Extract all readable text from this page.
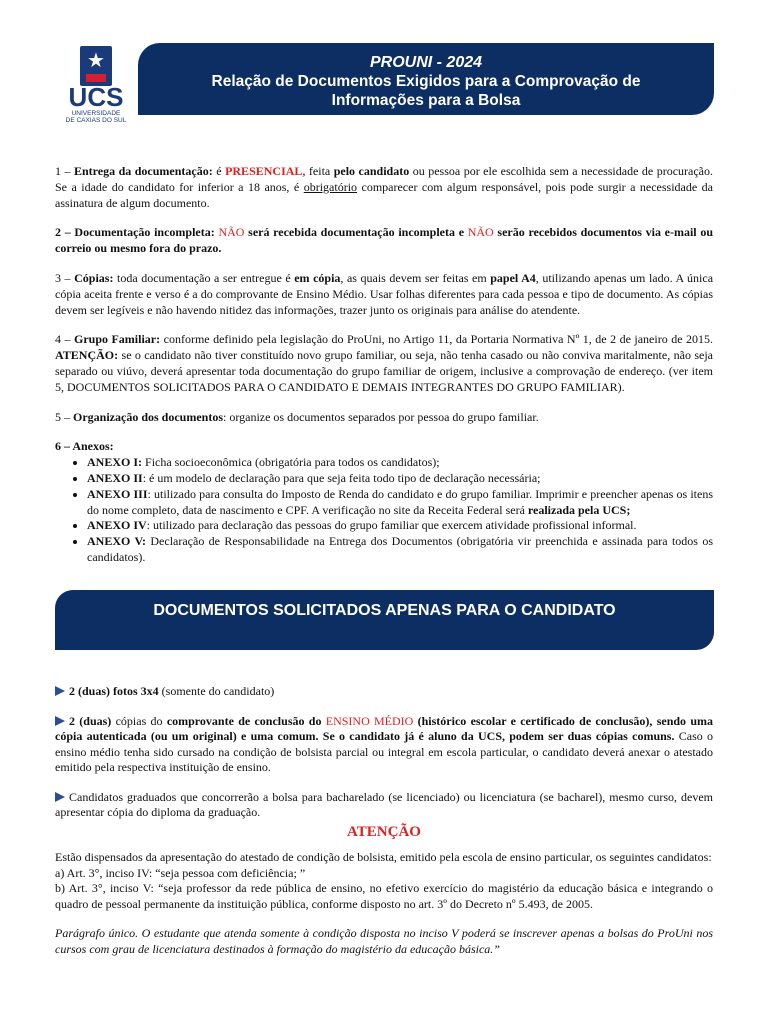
★
UCS
UNIVERSIDADE
DE CAXIAS DO SUL
PROUNI - 2024
Relação de Documentos Exigidos para a Comprovação de
Informações para a Bolsa

1 – Entrega da documentação: é PRESENCIAL, feita pelo candidato ou pessoa por ele escolhida sem a necessidade de procuração. Se a idade do candidato for inferior a 18 anos, é obrigatório comparecer com algum responsável, pois pode surgir a necessidade da assinatura de algum documento.

2 – Documentação incompleta: NÃO será recebida documentação incompleta e NÃO serão recebidos documentos via e-mail ou correio ou mesmo fora do prazo.

3 – Cópias: toda documentação a ser entregue é em cópia, as quais devem ser feitas em papel A4, utilizando apenas um lado. A única cópia aceita frente e verso é a do comprovante de Ensino Médio. Usar folhas diferentes para cada pessoa e tipo de documento. As cópias devem ser legíveis e não havendo nitidez das informações, trazer junto os originais para análise do atendente.

4 – Grupo Familiar: conforme definido pela legislação do ProUni, no Artigo 11, da Portaria Normativa Nº 1, de 2 de janeiro de 2015. ATENÇÃO: se o candidato não tiver constituído novo grupo familiar, ou seja, não tenha casado ou não conviva maritalmente, não seja separado ou viúvo, deverá apresentar toda documentação do grupo familiar de origem, inclusive a comprovação de endereço. (ver item 5, DOCUMENTOS SOLICITADOS PARA O CANDIDATO E DEMAIS INTEGRANTES DO GRUPO FAMILIAR).

5 – Organização dos documentos: organize os documentos separados por pessoa do grupo familiar.

6 – Anexos:
• ANEXO I: Ficha socioeconômica (obrigatória para todos os candidatos);
• ANEXO II: é um modelo de declaração para que seja feita todo tipo de declaração necessária;
• ANEXO III: utilizado para consulta do Imposto de Renda do candidato e do grupo familiar. Imprimir e preencher apenas os itens do nome completo, data de nascimento e CPF. A verificação no site da Receita Federal será realizada pela UCS;
• ANEXO IV: utilizado para declaração das pessoas do grupo familiar que exercem atividade profissional informal.
• ANEXO V: Declaração de Responsabilidade na Entrega dos Documentos (obrigatória vir preenchida e assinada para todos os candidatos).
DOCUMENTOS SOLICITADOS APENAS PARA O CANDIDATO

2 (duas) fotos 3x4 (somente do candidato)

2 (duas) cópias do comprovante de conclusão do ENSINO MÉDIO (histórico escolar e certificado de conclusão), sendo uma cópia autenticada (ou um original) e uma comum. Se o candidato já é aluno da UCS, podem ser duas cópias comuns. Caso o ensino médio tenha sido cursado na condição de bolsista parcial ou integral em escola particular, o candidato deverá anexar o atestado emitido pela respectiva instituição de ensino.

Candidatos graduados que concorrerão a bolsa para bacharelado (se licenciado) ou licenciatura (se bacharel), mesmo curso, devem apresentar cópia do diploma da graduação.

ATENÇÃO
Estão dispensados da apresentação do atestado de condição de bolsista, emitido pela escola de ensino particular, os seguintes candidatos:
a) Art. 3°, inciso IV: “seja pessoa com deficiência; ”
b) Art. 3°, inciso V: “seja professor da rede pública de ensino, no efetivo exercício do magistério da educação básica e integrando o quadro de pessoal permanente da instituição pública, conforme disposto no art. 3º do Decreto nº 5.493, de 2005.
Parágrafo único. O estudante que atenda somente à condição disposta no inciso V poderá se inscrever apenas a bolsas do ProUni nos cursos com grau de licenciatura destinados à formação do magistério da educação básica.”
